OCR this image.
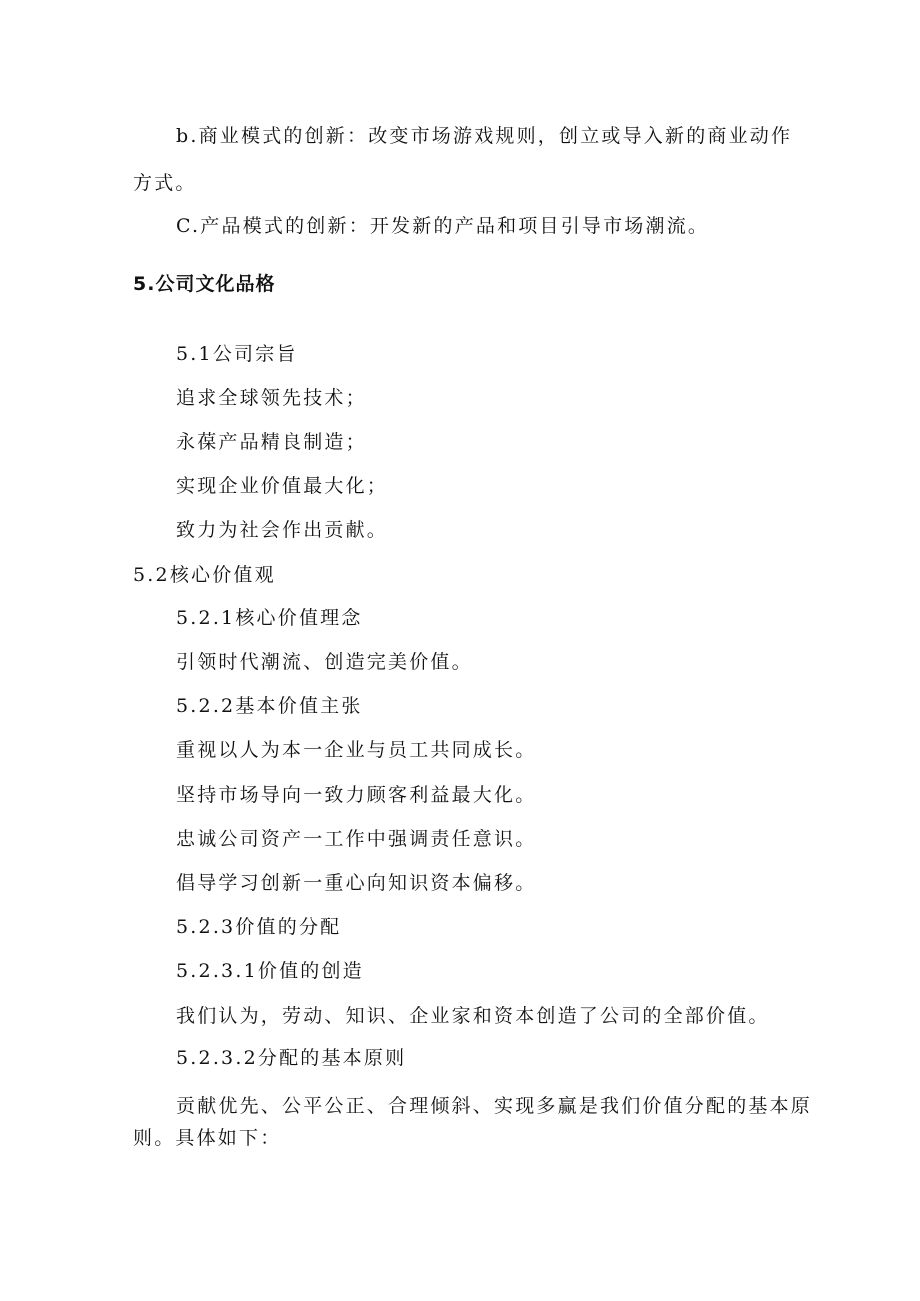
b.商业模式的创新：改变市场游戏规则，创立或导入新的商业动作
方式。
C.产品模式的创新：开发新的产品和项目引导市场潮流。
5.公司文化品格
5.1公司宗旨
追求全球领先技术；
永葆产品精良制造；
实现企业价值最大化；
致力为社会作出贡献。
5.2核心价值观
5.2.1核心价值理念
引领时代潮流、创造完美价值。
5.2.2基本价值主张
重视以人为本一企业与员工共同成长。
坚持市场导向一致力顾客利益最大化。
忠诚公司资产一工作中强调责任意识。
倡导学习创新一重心向知识资本偏移。
5.2.3价值的分配
5.2.3.1价值的创造
我们认为，劳动、知识、企业家和资本创造了公司的全部价值。
5.2.3.2分配的基本原则
贡献优先、公平公正、合理倾斜、实现多赢是我们价值分配的基本原
则。具体如下：
